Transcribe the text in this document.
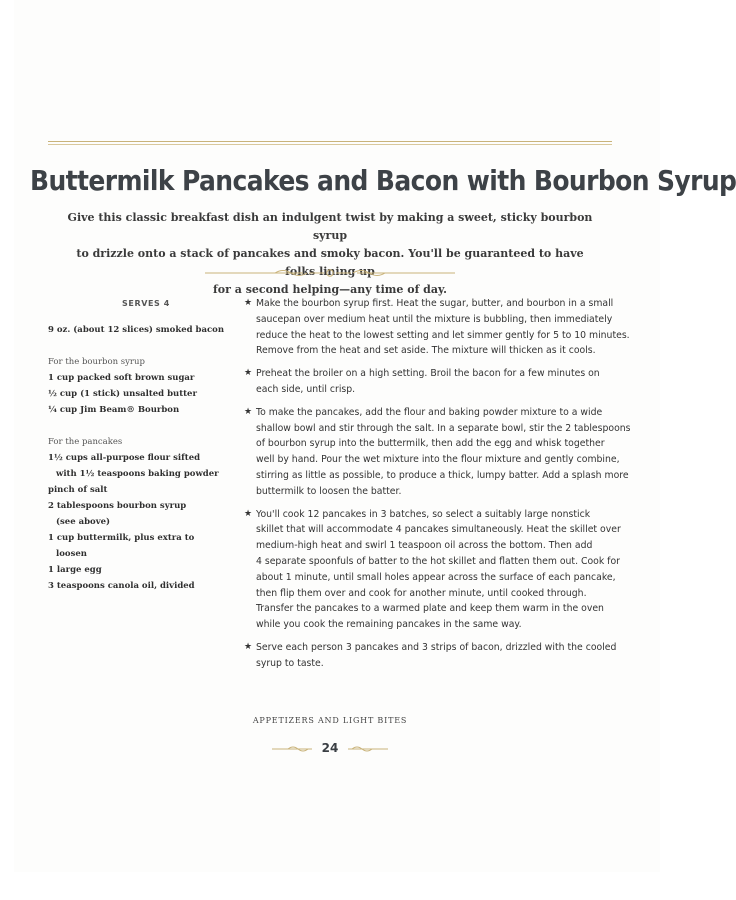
Buttermilk Pancakes and Bacon with Bourbon Syrup
Give this classic breakfast dish an indulgent twist by making a sweet, sticky bourbon syrup
to drizzle onto a stack of pancakes and smoky bacon. You'll be guaranteed to have folks lining up
for a second helping—any time of day.
SERVES 4
9 oz. (about 12 slices) smoked bacon
For the bourbon syrup
1 cup packed soft brown sugar
½ cup (1 stick) unsalted butter
¼ cup Jim Beam® Bourbon
For the pancakes
1½ cups all-purpose flour sifted
with 1½ teaspoons baking powder
pinch of salt
2 tablespoons bourbon syrup
(see above)
1 cup buttermilk, plus extra to
loosen
1 large egg
3 teaspoons canola oil, divided
★ Make the bourbon syrup first. Heat the sugar, butter, and bourbon in a small
saucepan over medium heat until the mixture is bubbling, then immediately
reduce the heat to the lowest setting and let simmer gently for 5 to 10 minutes.
Remove from the heat and set aside. The mixture will thicken as it cools.
★ Preheat the broiler on a high setting. Broil the bacon for a few minutes on
each side, until crisp.
★ To make the pancakes, add the flour and baking powder mixture to a wide
shallow bowl and stir through the salt. In a separate bowl, stir the 2 tablespoons
of bourbon syrup into the buttermilk, then add the egg and whisk together
well by hand. Pour the wet mixture into the flour mixture and gently combine,
stirring as little as possible, to produce a thick, lumpy batter. Add a splash more
buttermilk to loosen the batter.
★ You'll cook 12 pancakes in 3 batches, so select a suitably large nonstick
skillet that will accommodate 4 pancakes simultaneously. Heat the skillet over
medium-high heat and swirl 1 teaspoon oil across the bottom. Then add
4 separate spoonfuls of batter to the hot skillet and flatten them out. Cook for
about 1 minute, until small holes appear across the surface of each pancake,
then flip them over and cook for another minute, until cooked through.
Transfer the pancakes to a warmed plate and keep them warm in the oven
while you cook the remaining pancakes in the same way.
★ Serve each person 3 pancakes and 3 strips of bacon, drizzled with the cooled
syrup to taste.
APPETIZERS AND LIGHT BITES
24
